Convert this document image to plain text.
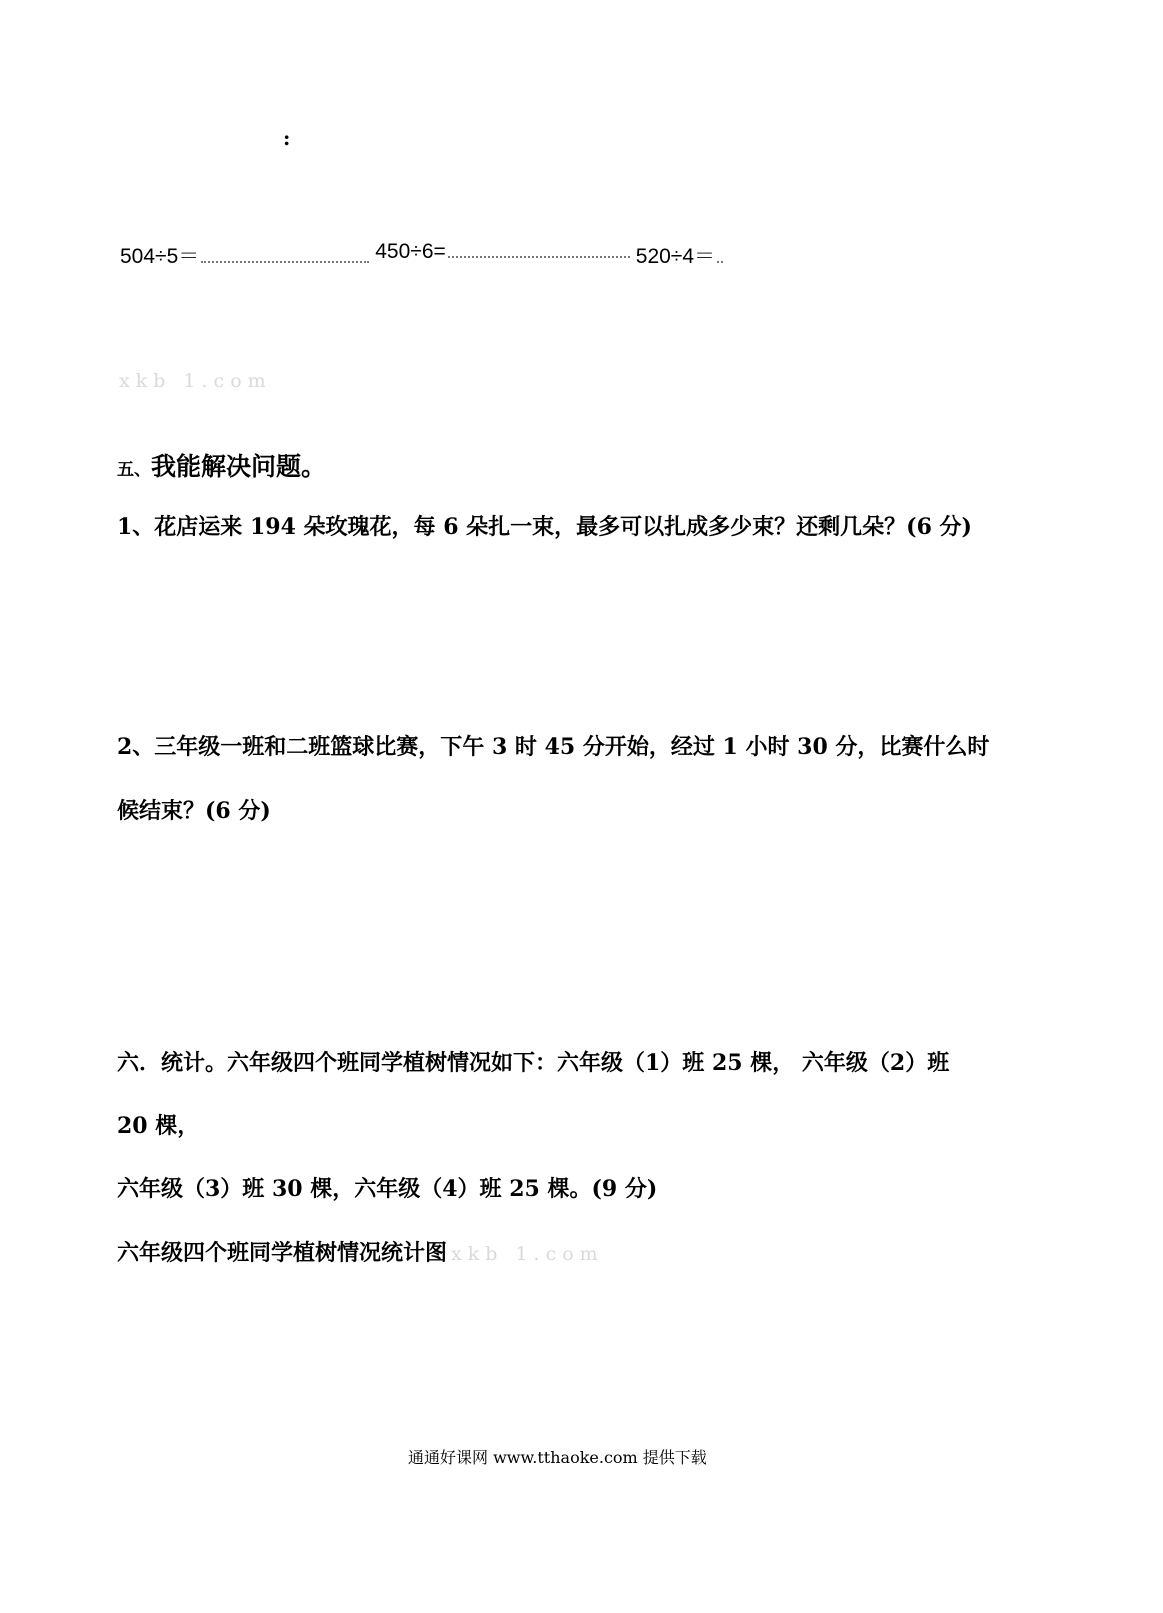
:
504÷5＝	450÷6=	520÷4＝
xkb 1.com
五、我能解决问题。
1、花店运来 194 朵玫瑰花，每 6 朵扎一束，最多可以扎成多少束？还剩几朵？(6 分)
2、三年级一班和二班篮球比赛，下午 3 时 45 分开始，经过 1 小时 30 分，比赛什么时
候结束？(6 分)
六．统计。六年级四个班同学植树情况如下：六年级（1）班 25 棵， 六年级（2）班
20 棵，
六年级（3）班 30 棵，六年级（4）班 25 棵。(9 分)
六年级四个班同学植树情况统计图 xkb 1.com
通通好课网 www.tthaoke.com 提供下载
